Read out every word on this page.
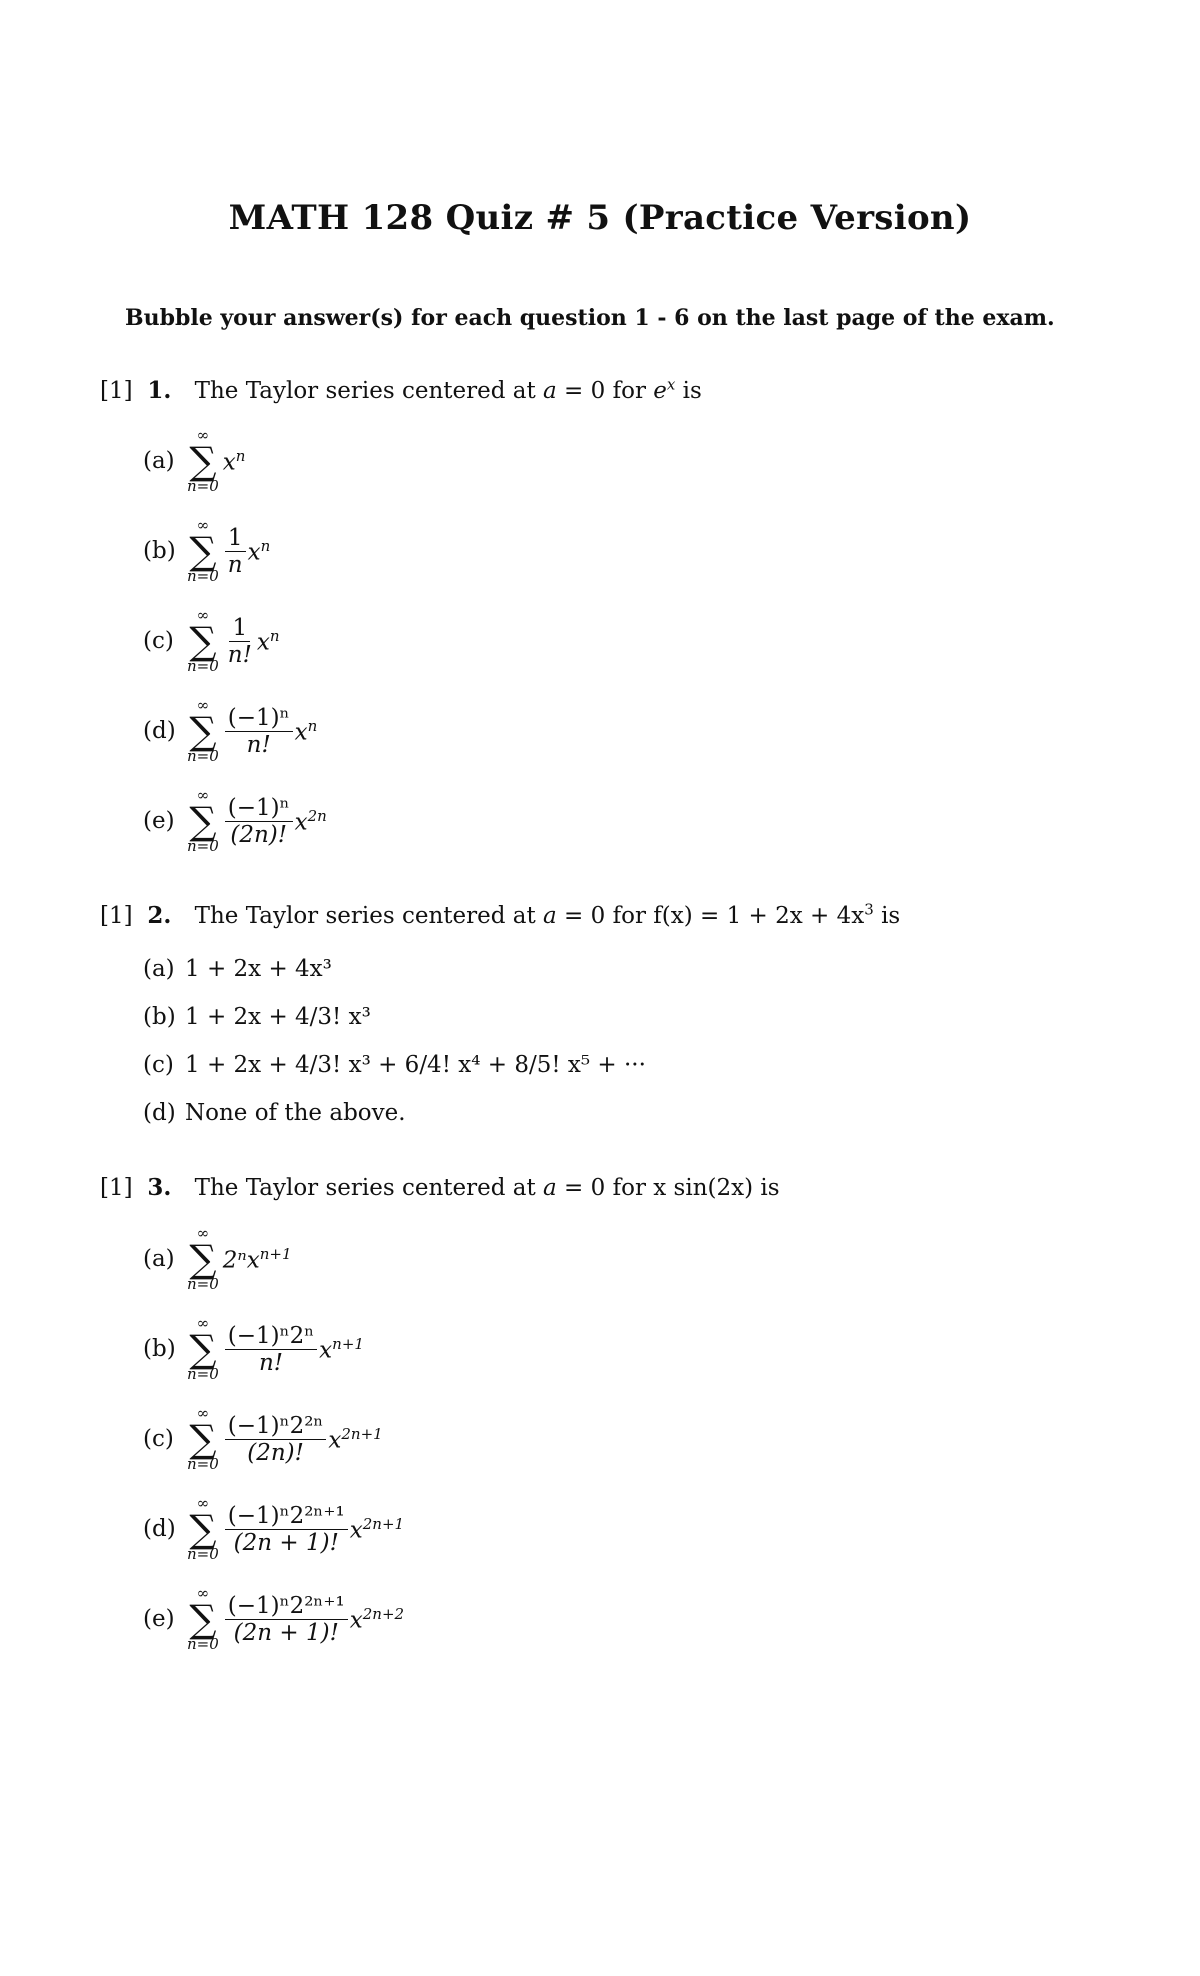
MATH 128 Quiz # 5 (Practice Version)
Bubble your answer(s) for each question 1 - 6 on the last page of the exam.
[1] 1. The Taylor series centered at a = 0 for $e^x$ is
(a)
∞
∑
n=0
$x^n$
(b)
∞
∑
$n=0 \frac{1}{n} x^n$
(c)
∞
∑
$n=0 \frac{1}{n!} x^n$
(d)
∞
∑
$n=0 \frac{\text{(−1)ⁿ}}{n!} x^n$
(e)
∞
∑
$n=0 \frac{\text{(−1)ⁿ}}{(2n)!} x^{2n}$
[1] 2. The Taylor series centered at a = 0 for $f(x) = 1 + 2x + 4x^3$ is
(a) 1 + 2x + 4x³
(b) 1 + 2x + 4/3! x³
(c) 1 + 2x + 4/3! x³ + 6/4! x⁴ + 8/5! x⁵ + ···
(d) None of the above.
[1] 3. The Taylor series centered at a = 0 for x sin(2x) is
(a)
∞
∑
n=0
2ⁿx$^{n+1}$
(b)
∞
∑
$n=0 \frac{\text{(−1)ⁿ2ⁿ}}{n!} x^{n+1}$
(c)
∞
∑
$n=0 \frac{\text{(−1)ⁿ2²ⁿ}}{(2n)!} x^{2n+1}$
(d)
∞
∑
$n=0 \frac{\text{(−1)ⁿ2²ⁿ⁺¹}}{(2n + 1)!} x^{2n+1}$
(e)
∞
∑
$n=0 \frac{\text{(−1)ⁿ2²ⁿ⁺¹}}{(2n + 1)!} x^{2n+2}$
